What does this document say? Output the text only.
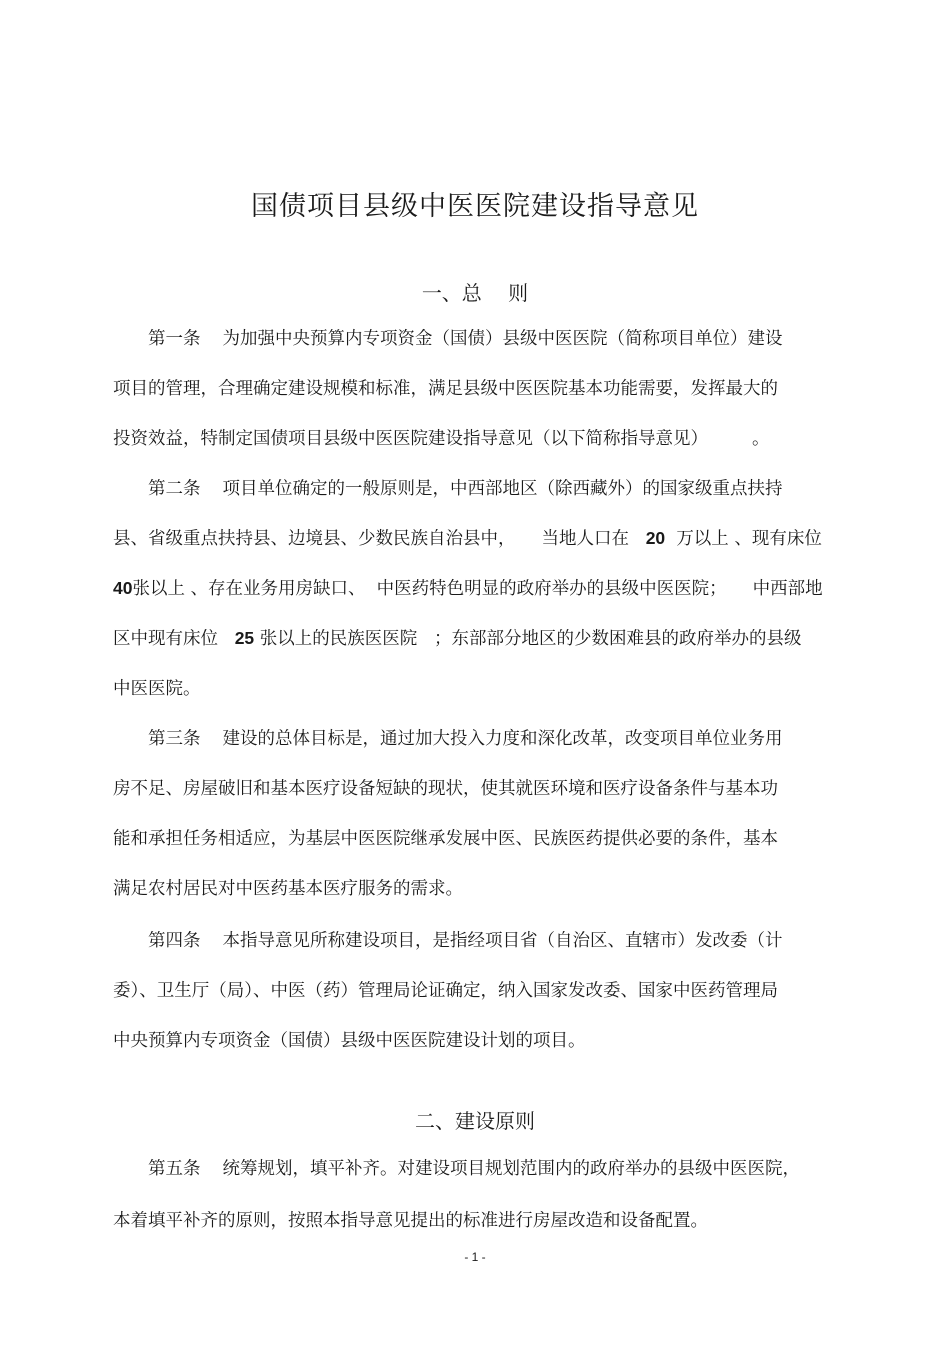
国债项目县级中医医院建设指导意见
一、总　 则
第一条 为加强中央预算内专项资金（国债）县级中医医院（简称项目单位）建设
项目的管理，合理确定建设规模和标准，满足县级中医医院基本功能需要，发挥最大的
投资效益，特制定国债项目县级中医医院建设指导意见（以下简称指导意见）	。
第二条 项目单位确定的一般原则是，中西部地区（除西藏外）的国家级重点扶持
县、省级重点扶持县、边境县、少数民族自治县中， 当地人口在 20 万以上 、现有床位
40张以上 、存在业务用房缺口、 中医药特色明显的政府举办的县级中医医院； 中西部地
区中现有床位 25 张以上的民族医医院 ；东部部分地区的少数困难县的政府举办的县级
中医医院。
第三条 建设的总体目标是，通过加大投入力度和深化改革，改变项目单位业务用
房不足、房屋破旧和基本医疗设备短缺的现状，使其就医环境和医疗设备条件与基本功
能和承担任务相适应，为基层中医医院继承发展中医、民族医药提供必要的条件，基本
满足农村居民对中医药基本医疗服务的需求。
第四条 本指导意见所称建设项目，是指经项目省（自治区、直辖市）发改委（计
委）、卫生厅（局）、中医（药）管理局论证确定，纳入国家发改委、国家中医药管理局
中央预算内专项资金（国债）县级中医医院建设计划的项目。
二、建设原则
第五条 统筹规划，填平补齐。对建设项目规划范围内的政府举办的县级中医医院，
本着填平补齐的原则，按照本指导意见提出的标准进行房屋改造和设备配置。
- 1 -
